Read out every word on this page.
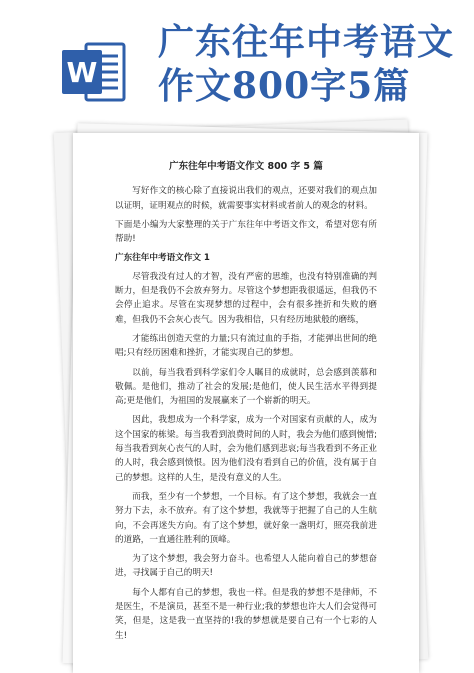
W
广东往年中考语文
作文800字5篇
广东往年中考语文作文 800 字 5 篇

写好作文的核心除了直接说出我们的观点，还要对我们的观点加以证明，证明观点的时候，就需要事实材料或者前人的观念的材料。

下面是小编为大家整理的关于广东往年中考语文作文，希望对您有所帮助!

广东往年中考语文作文 1

尽管我没有过人的才智，没有严密的思维，也没有特别准确的判断力，但是我仍不会放弃努力。尽管这个梦想距我很遥远，但我仍不会停止追求。尽管在实现梦想的过程中，会有很多挫折和失败的磨难，但我仍不会灰心丧气。因为我相信，只有经历地狱般的磨练，

才能练出创造天堂的力量;只有流过血的手指，才能弹出世间的绝唱;只有经历困难和挫折，才能实现自己的梦想。

以前，每当我看到科学家们令人瞩目的成就时，总会感到羡慕和敬佩。是他们，推动了社会的发展;是他们，使人民生活水平得到提高;更是他们，为祖国的发展赢来了一个崭新的明天。

因此，我想成为一个科学家，成为一个对国家有贡献的人，成为这个国家的栋梁。每当我看到浪费时间的人时，我会为他们感到惋惜;每当我看到灰心丧气的人时，会为他们感到悲哀;每当我看到不务正业的人时，我会感到愤恨。因为他们没有看到自己的价值，没有属于自己的梦想。这样的人生，是没有意义的人生。

而我，至少有一个梦想，一个目标。有了这个梦想，我就会一直努力下去，永不放弃。有了这个梦想，我就等于把握了自己的人生航向，不会再迷失方向。有了这个梦想，就好象一盏明灯，照亮我前进的道路，一直通往胜利的顶峰。

为了这个梦想，我会努力奋斗。也希望人人能向着自己的梦想奋进，寻找属于自己的明天!

每个人都有自己的梦想，我也一样。但是我的梦想不是律师，不是医生，不是演员，甚至不是一种行业;我的梦想也许大人们会觉得可笑，但是，这是我一直坚持的!我的梦想就是要自己有一个七彩的人生!
